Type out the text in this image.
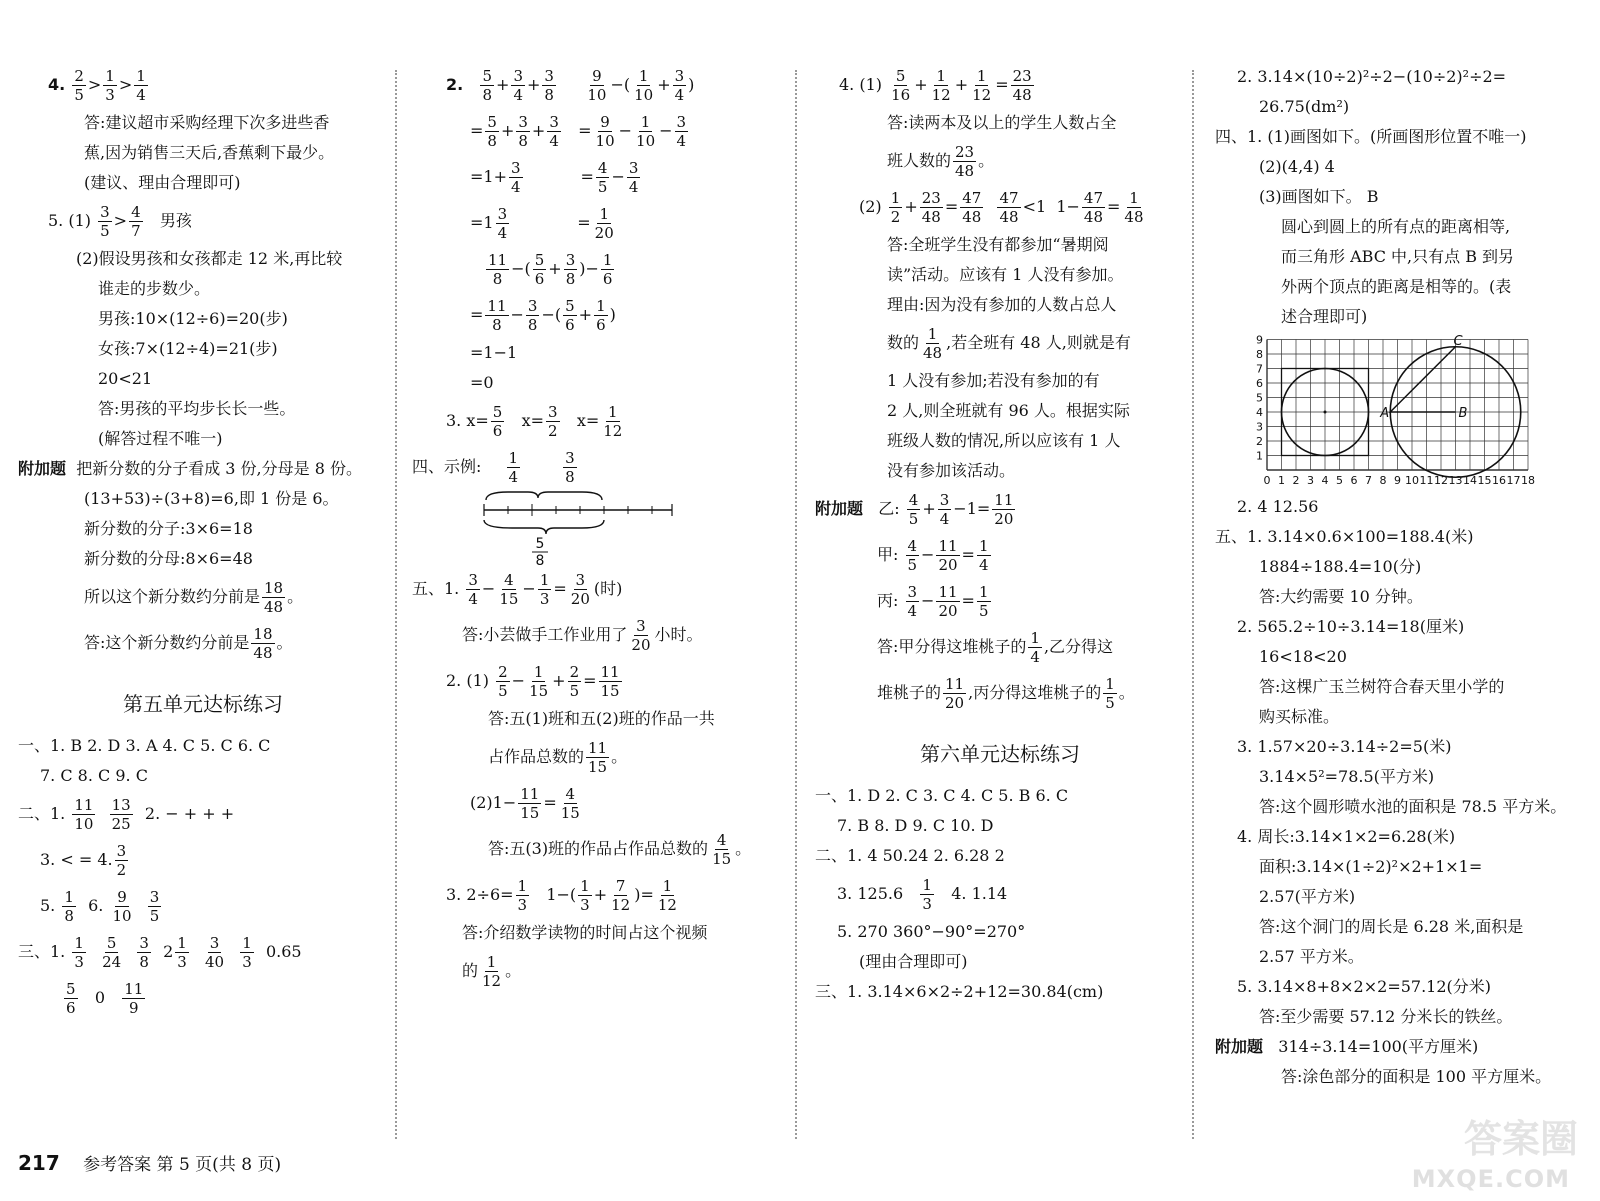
4. $\frac{2}{5} > \frac{1}{3} > \frac{1}{4}$
答:建议超市采购经理下次多进些香
蕉,因为销售三天后,香蕉剩下最少。
(建议、理由合理即可)
5. $(1) \frac{3}{5} > \frac{4}{7}$ 男孩
(2)假设男孩和女孩都走 12 米,再比较
谁走的步数少。
男孩:10×(12÷6)=20(步)
女孩:7×(12÷4)=21(步)
20<21
答:男孩的平均步长长一些。
(解答过程不唯一)
附加题 把新分数的分子看成 3 份,分母是 8 份。
(13+53)÷(3+8)=6,即 1 份是 6。
新分数的分子:3×6=18
新分数的分母:8×6=48
所以这个新分数约分前是 $\frac{18}{48}$ 。
答:这个新分数约分前是 $\frac{18}{48}$ 。
第五单元达标练习
一、1. B 2. D 3. A 4. C 5. C 6. C
7. C 8. C 9. C
二、1. $\frac{11}{10}$
$\frac{13}{25} 2$. − + + +
3. < = 4. $\frac{3}{2}$
5. $\frac{1}{8} 6$. $\frac{9}{10}$
$\frac{3}{5}$
三、1. $\frac{1}{3}$
$\frac{5}{24}$
$\frac{3}{8} 2 \frac{1}{3}$
$\frac{3}{40}$
$\frac{1}{3} 0.65$
$\frac{5}{6} 0 \frac{11}{9}$
2. $\frac{5}{8} + \frac{3}{4} + \frac{3}{8}$
$\frac{9}{10}$ −( $\frac{1}{10} + \frac{3}{4}$ )
= $\frac{5}{8} + \frac{3}{8} + \frac{3}{4} = \frac{9}{10} - \frac{1}{10} - \frac{3}{4}$
$=1+ \frac{3}{4} = \frac{4}{5} - \frac{3}{4}$
$=1 \frac{3}{4} = \frac{1}{20}$
$\frac{11}{8}$ −( $\frac{5}{6} + \frac{3}{8}$ )− $\frac{1}{6}$
= $\frac{11}{8} - \frac{3}{8}$ −( $\frac{5}{6} + \frac{1}{6}$ )
=1−1
=0
3. $x= \frac{5}{6} x= \frac{3}{2} x= \frac{1}{12}$
四、示例: $\frac{1}{4}$
	$\frac{3}{8}$
5
8
五、1. $\frac{3}{4} - \frac{4}{15} - \frac{1}{3} = \frac{3}{20}$ (时)
答:小芸做手工作业用了 $\frac{3}{20}$ 小时。
2. $(1) \frac{2}{5} - \frac{1}{15} + \frac{2}{5} = \frac{11}{15}$
答:五(1)班和五(2)班的作品一共
占作品总数的 $\frac{11}{15}$ 。
$(2)1- \frac{11}{15} = \frac{4}{15}$
答:五(3)班的作品占作品总数的 $\frac{4}{15}$ 。
3. $2\div 6= \frac{1}{3} 1-( \frac{1}{3} + \frac{7}{12}$ )= $\frac{1}{12}$
答:介绍数学读物的时间占这个视频
的 $\frac{1}{12}$ 。
4. $(1) \frac{5}{16} + \frac{1}{12} + \frac{1}{12} = \frac{23}{48}$
答:读两本及以上的学生人数占全
班人数的 $\frac{23}{48}$ 。
$(2) \frac{1}{2} + \frac{23}{48} = \frac{47}{48}$
$\frac{47}{48} <1$  $1- \frac{47}{48} = \frac{1}{48}$
答:全班学生没有都参加“暑期阅
读”活动。应该有 1 人没有参加。
理由:因为没有参加的人数占总人
数的 $\frac{1}{48}$ ,若全班有 48 人,则就是有
1 人没有参加;若没有参加的有
2 人,则全班就有 96 人。根据实际
班级人数的情况,所以应该有 1 人
没有参加该活动。
附加题 乙: $\frac{4}{5} + \frac{3}{4} -1= \frac{11}{20}$
甲: $\frac{4}{5} - \frac{11}{20} = \frac{1}{4}$
丙: $\frac{3}{4} - \frac{11}{20} = \frac{1}{5}$
答:甲分得这堆桃子的 $\frac{1}{4}$ ,乙分得这
堆桃子的 $\frac{11}{20}$ ,丙分得这堆桃子的 $\frac{1}{5}$ 。
第六单元达标练习
一、1. D 2. C 3. C 4. C 5. B 6. C
7. B 8. D 9. C 10. D
二、1. 4 50.24 2. 6.28 2
3. $125.6 \frac{1}{3} 4$. 1.14
5. 270 360°−90°=270°
(理由合理即可)
三、1. 3.14×6×2÷2+12=30.84(cm)
2. 3.14×(10÷2)²÷2−(10÷2)²÷2=
26.75(dm²)
四、1. (1)画图如下。(所画图形位置不唯一)
(2)(4,4) 4
(3)画图如下。 B
圆心到圆上的所有点的距离相等,
而三角形 ABC 中,只有点 B 到另
外两个顶点的距离是相等的。(表
述合理即可)
0 1 2 3 4 5 6 7 8 9 10 11 12 13 14 15 16 17 18
1
2
3
4
5
6
7
8
9
A	B
C
2. 4 12.56
五、1. 3.14×0.6×100=188.4(米)
1884÷188.4=10(分)
答:大约需要 10 分钟。
2. 565.2÷10÷3.14=18(厘米)
16<18<20
答:这棵广玉兰树符合春天里小学的
购买标准。
3. 1.57×20÷3.14÷2=5(米)
3.14×5²=78.5(平方米)
答:这个圆形喷水池的面积是 78.5 平方米。
4. 周长:3.14×1×2=6.28(米)
面积:3.14×(1÷2)²×2+1×1=
2.57(平方米)
答:这个洞门的周长是 6.28 米,面积是
2.57 平方米。
5. 3.14×8+8×2×2=57.12(分米)
答:至少需要 57.12 分米长的铁丝。
附加题 314÷3.14=100(平方厘米)
答:涂色部分的面积是 100 平方厘米。
217 参考答案 第 5 页(共 8 页)
答案圈
MXQE.COM
